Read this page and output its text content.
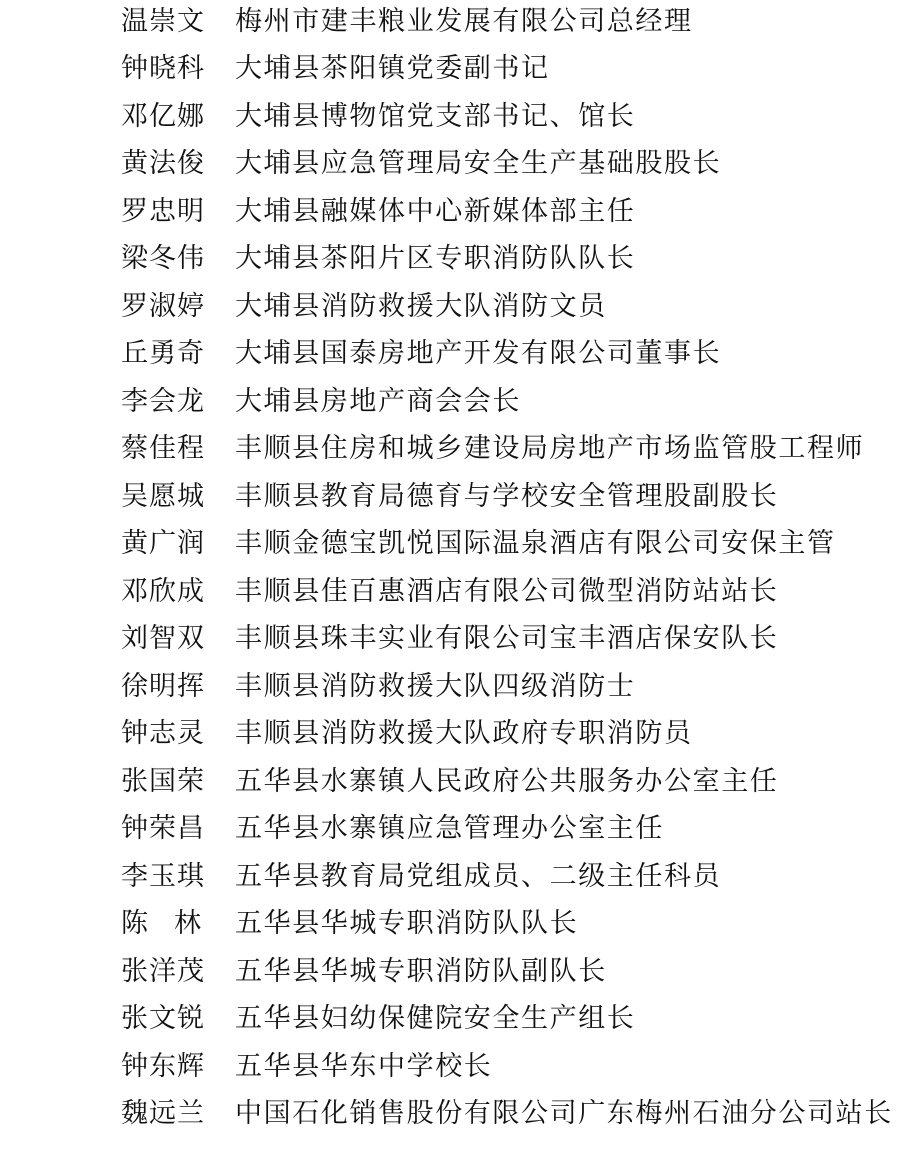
温崇文 梅州市建丰粮业发展有限公司总经理
钟晓科 大埔县茶阳镇党委副书记
邓亿娜 大埔县博物馆党支部书记、馆长
黄法俊 大埔县应急管理局安全生产基础股股长
罗忠明 大埔县融媒体中心新媒体部主任
梁冬伟 大埔县茶阳片区专职消防队队长
罗淑婷 大埔县消防救援大队消防文员
丘勇奇 大埔县国泰房地产开发有限公司董事长
李会龙 大埔县房地产商会会长
蔡佳程 丰顺县住房和城乡建设局房地产市场监管股工程师
吴愿城 丰顺县教育局德育与学校安全管理股副股长
黄广润 丰顺金德宝凯悦国际温泉酒店有限公司安保主管
邓欣成 丰顺县佳百惠酒店有限公司微型消防站站长
刘智双 丰顺县珠丰实业有限公司宝丰酒店保安队长
徐明挥 丰顺县消防救援大队四级消防士
钟志灵 丰顺县消防救援大队政府专职消防员
张国荣 五华县水寨镇人民政府公共服务办公室主任
钟荣昌 五华县水寨镇应急管理办公室主任
李玉琪 五华县教育局党组成员、二级主任科员
陈林 五华县华城专职消防队队长
张洋茂 五华县华城专职消防队副队长
张文锐 五华县妇幼保健院安全生产组长
钟东辉 五华县华东中学校长
魏远兰 中国石化销售股份有限公司广东梅州石油分公司站长
